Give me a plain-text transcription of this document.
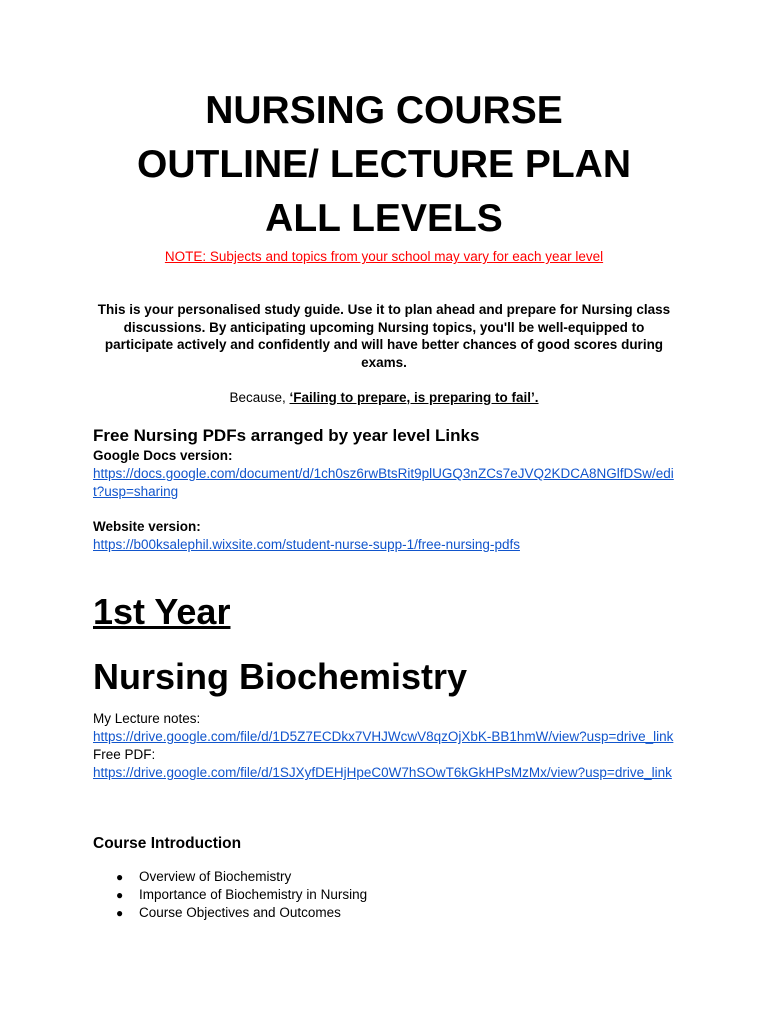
NURSING COURSE
OUTLINE/ LECTURE PLAN
ALL LEVELS
NOTE: Subjects and topics from your school may vary for each year level
This is your personalised study guide. Use it to plan ahead and prepare for Nursing class discussions. By anticipating upcoming Nursing topics, you'll be well-equipped to participate actively and confidently and will have better chances of good scores during exams.
Because, ‘Failing to prepare, is preparing to fail’.
Free Nursing PDFs arranged by year level Links
Google Docs version:
https://docs.google.com/document/d/1ch0sz6rwBtsRit9plUGQ3nZCs7eJVQ2KDCA8NGlfDSw/edit?usp=sharing
Website version:
https://b00ksalephil.wixsite.com/student-nurse-supp-1/free-nursing-pdfs
1st Year
Nursing Biochemistry
My Lecture notes:
https://drive.google.com/file/d/1D5Z7ECDkx7VHJWcwV8qzOjXbK-BB1hmW/view?usp=drive_link
Free PDF:
https://drive.google.com/file/d/1SJXyfDEHjHpeC0W7hSOwT6kGkHPsMzMx/view?usp=drive_link
Course Introduction
● Overview of Biochemistry
● Importance of Biochemistry in Nursing
● Course Objectives and Outcomes
